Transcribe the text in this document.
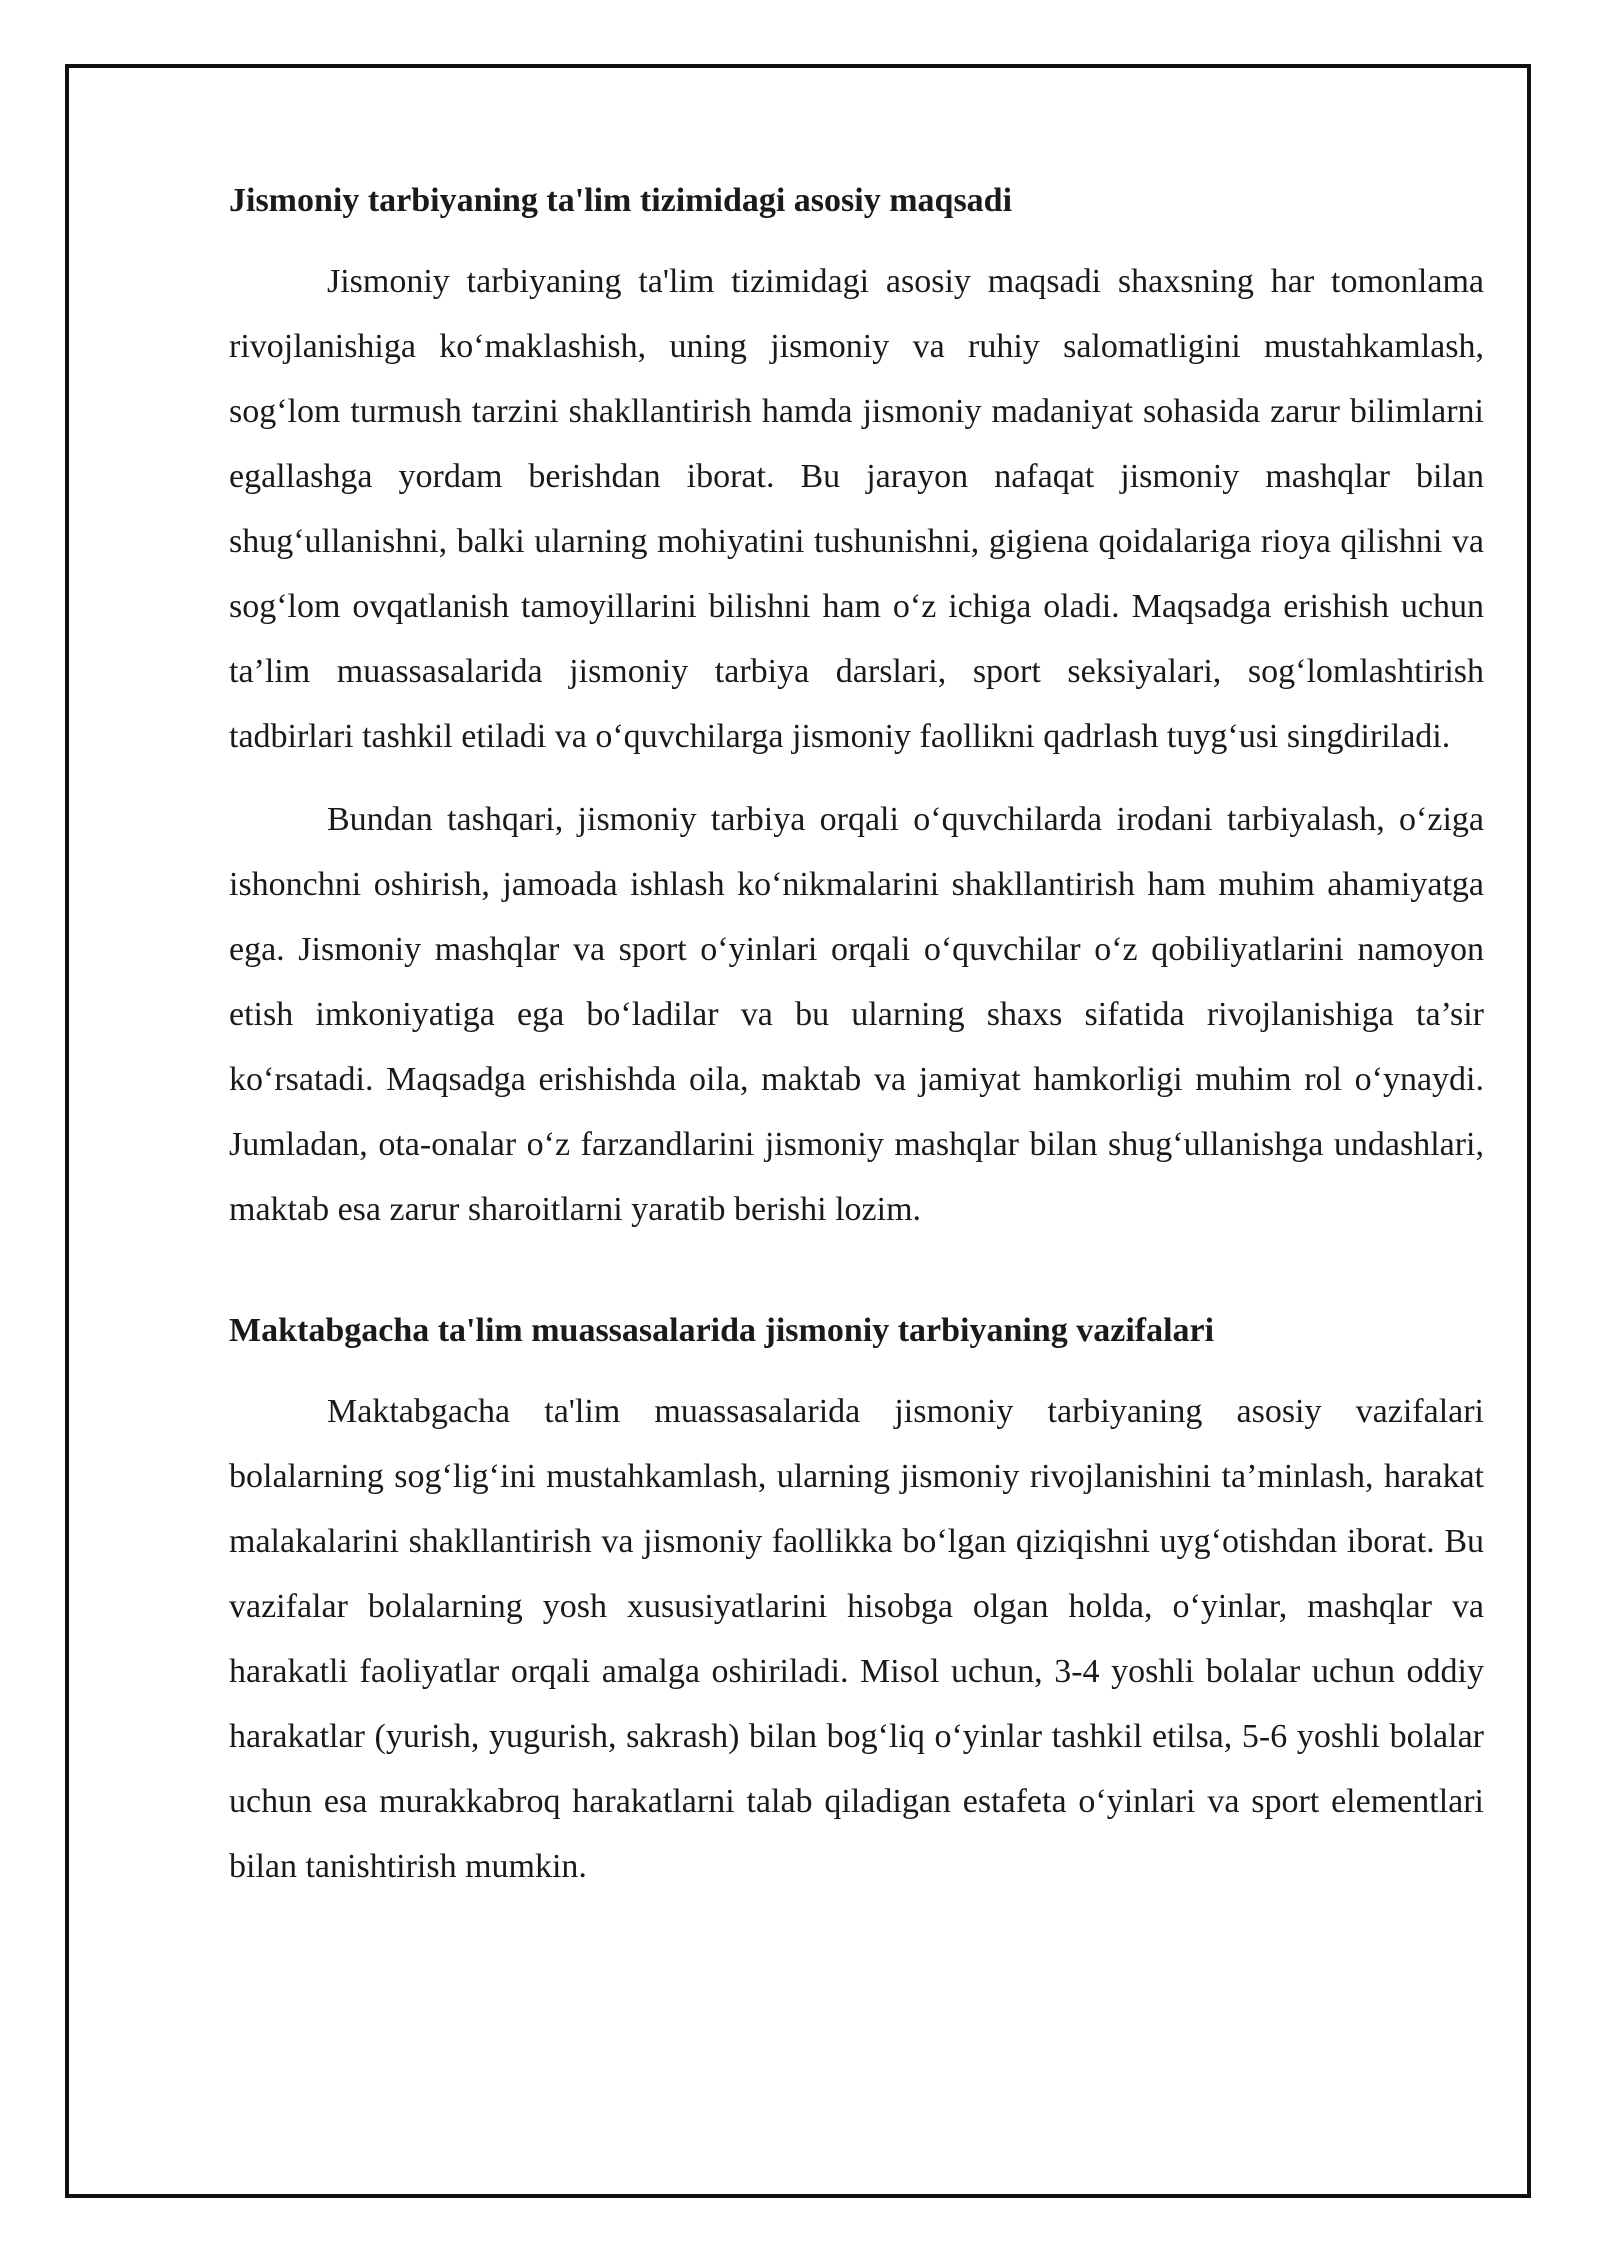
Jismoniy tarbiyaning ta'lim tizimidagi asosiy maqsadi

Jismoniy tarbiyaning ta'lim tizimidagi asosiy maqsadi shaxsning har tomonlama rivojlanishiga ko‘maklashish, uning jismoniy va ruhiy salomatligini mustahkamlash, sog‘lom turmush tarzini shakllantirish hamda jismoniy madaniyat sohasida zarur bilimlarni egallashga yordam berishdan iborat. Bu jarayon nafaqat jismoniy mashqlar bilan shug‘ullanishni, balki ularning mohiyatini tushunishni, gigiena qoidalariga rioya qilishni va sog‘lom ovqatlanish tamoyillarini bilishni ham o‘z ichiga oladi. Maqsadga erishish uchun ta’lim muassasalarida jismoniy tarbiya darslari, sport seksiyalari, sog‘lomlashtirish tadbirlari tashkil etiladi va o‘quvchilarga jismoniy faollikni qadrlash tuyg‘usi singdiriladi.

Bundan tashqari, jismoniy tarbiya orqali o‘quvchilarda irodani tarbiyalash, o‘ziga ishonchni oshirish, jamoada ishlash ko‘nikmalarini shakllantirish ham muhim ahamiyatga ega. Jismoniy mashqlar va sport o‘yinlari orqali o‘quvchilar o‘z qobiliyatlarini namoyon etish imkoniyatiga ega bo‘ladilar va bu ularning shaxs sifatida rivojlanishiga ta’sir ko‘rsatadi. Maqsadga erishishda oila, maktab va jamiyat hamkorligi muhim rol o‘ynaydi. Jumladan, ota-onalar o‘z farzandlarini jismoniy mashqlar bilan shug‘ullanishga undashlari, maktab esa zarur sharoitlarni yaratib berishi lozim.

Maktabgacha ta'lim muassasalarida jismoniy tarbiyaning vazifalari

Maktabgacha ta'lim muassasalarida jismoniy tarbiyaning asosiy vazifalari bolalarning sog‘lig‘ini mustahkamlash, ularning jismoniy rivojlanishini ta’minlash, harakat malakalarini shakllantirish va jismoniy faollikka bo‘lgan qiziqishni uyg‘otishdan iborat. Bu vazifalar bolalarning yosh xususiyatlarini hisobga olgan holda, o‘yinlar, mashqlar va harakatli faoliyatlar orqali amalga oshiriladi. Misol uchun, 3-4 yoshli bolalar uchun oddiy harakatlar (yurish, yugurish, sakrash) bilan bog‘liq o‘yinlar tashkil etilsa, 5-6 yoshli bolalar uchun esa murakkabroq harakatlarni talab qiladigan estafeta o‘yinlari va sport elementlari bilan tanishtirish mumkin.
